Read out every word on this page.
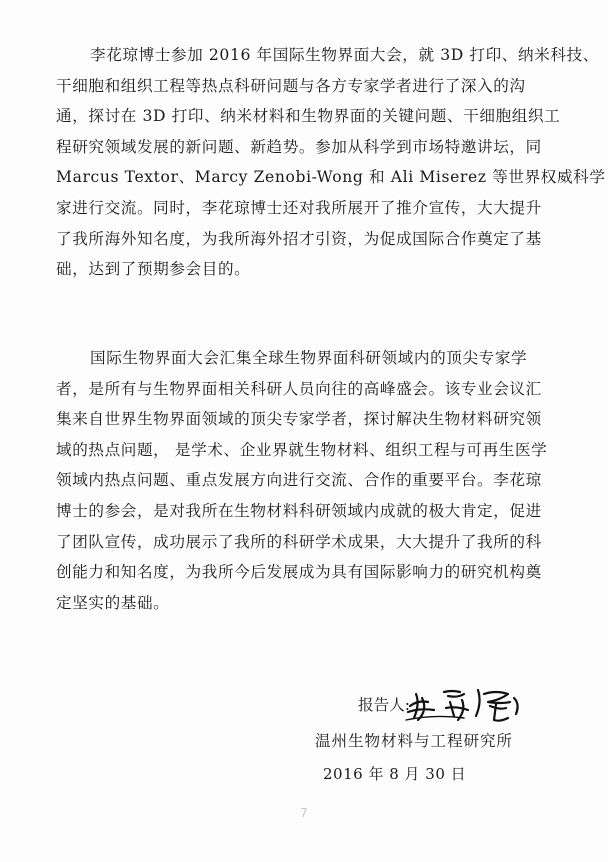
李花琼博士参加 2016 年国际生物界面大会，就 3D 打印、纳米科技、
干细胞和组织工程等热点科研问题与各方专家学者进行了深入的沟
通，探讨在 3D 打印、纳米材料和生物界面的关键问题、干细胞组织工
程研究领域发展的新问题、新趋势。参加从科学到市场特邀讲坛，同
Marcus Textor、Marcy Zenobi-Wong 和 Ali Miserez 等世界权威科学
家进行交流。同时，李花琼博士还对我所展开了推介宣传，大大提升
了我所海外知名度，为我所海外招才引资，为促成国际合作奠定了基
础，达到了预期参会目的。

国际生物界面大会汇集全球生物界面科研领域内的顶尖专家学
者，是所有与生物界面相关科研人员向往的高峰盛会。该专业会议汇
集来自世界生物界面领域的顶尖专家学者，探讨解决生物材料研究领
域的热点问题， 是学术、企业界就生物材料、组织工程与可再生医学
领域内热点问题、重点发展方向进行交流、合作的重要平台。李花琼
博士的参会，是对我所在生物材料科研领域内成就的极大肯定，促进
了团队宣传，成功展示了我所的科研学术成果，大大提升了我所的科
创能力和知名度，为我所今后发展成为具有国际影响力的研究机构奠
定坚实的基础。

报告人:
温州生物材料与工程研究所
2016 年 8 月 30 日
7
